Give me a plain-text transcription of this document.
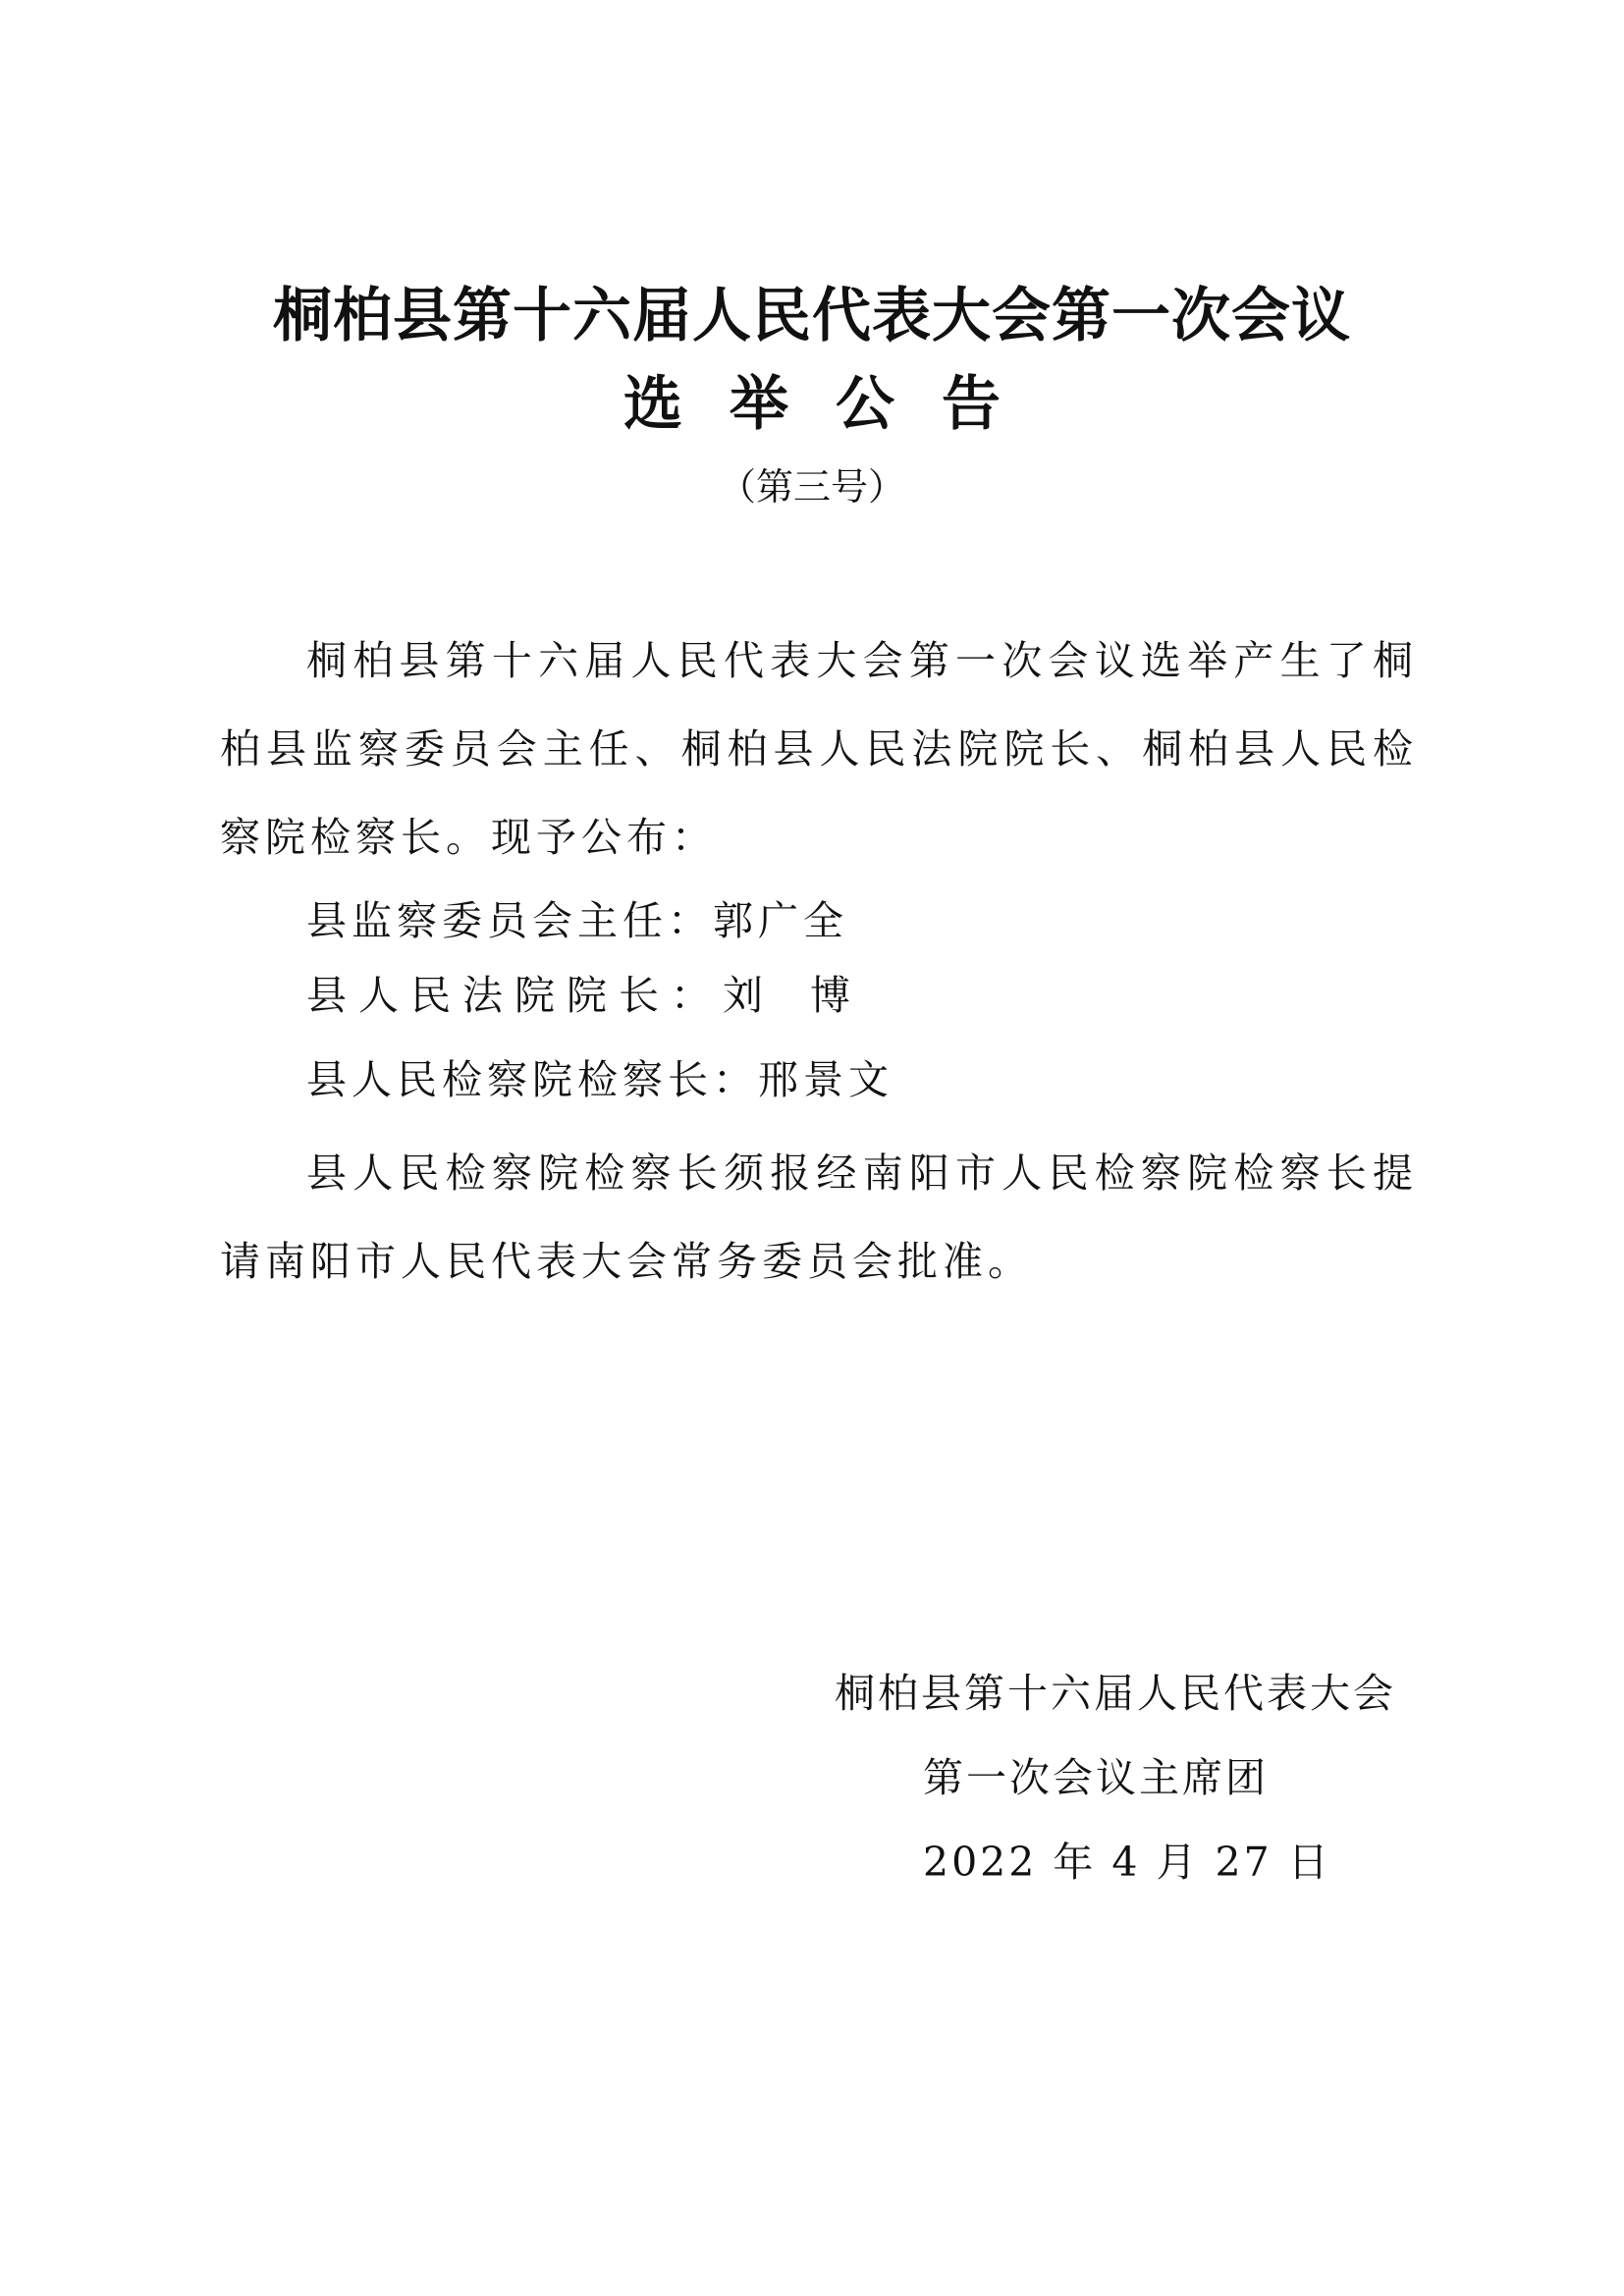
桐柏县第十六届人民代表大会第一次会议
选举公告
（第三号）

桐柏县第十六届人民代表大会第一次会议选举产生了桐柏县监察委员会主任、桐柏县人民法院院长、桐柏县人民检察院检察长。现予公布：

县监察委员会主任：郭广全
县人民法院院长：刘博
县人民检察院检察长：邢景文

县人民检察院检察长须报经南阳市人民检察院检察长提请南阳市人民代表大会常务委员会批准。

桐柏县第十六届人民代表大会
第一次会议主席团
2022 年 4 月 27 日
